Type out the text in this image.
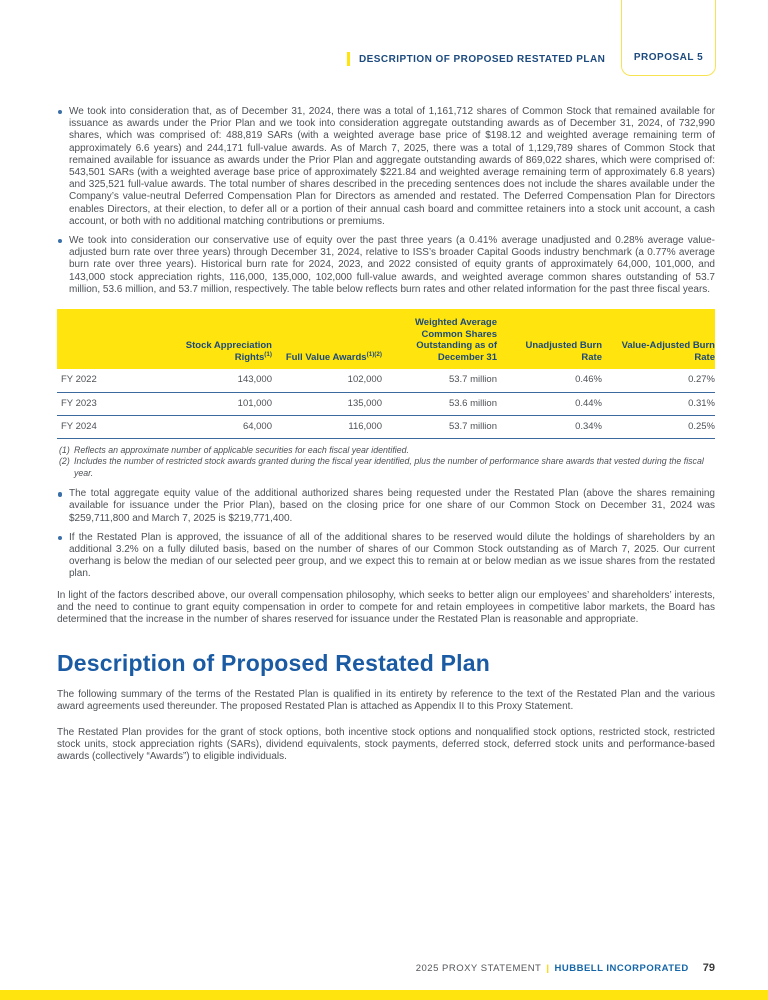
DESCRIPTION OF PROPOSED RESTATED PLAN	PROPOSAL 5
We took into consideration that, as of December 31, 2024, there was a total of 1,161,712 shares of Common Stock that remained available for issuance as awards under the Prior Plan and we took into consideration aggregate outstanding awards as of December 31, 2024, of 732,990 shares, which was comprised of: 488,819 SARs (with a weighted average base price of $198.12 and weighted average remaining term of approximately 6.6 years) and 244,171 full-value awards. As of March 7, 2025, there was a total of 1,129,789 shares of Common Stock that remained available for issuance as awards under the Prior Plan and aggregate outstanding awards of 869,022 shares, which were comprised of: 543,501 SARs (with a weighted average base price of approximately $221.84 and weighted average remaining term of approximately 6.8 years) and 325,521 full-value awards. The total number of shares described in the preceding sentences does not include the shares available under the Company’s value-neutral Deferred Compensation Plan for Directors as amended and restated. The Deferred Compensation Plan for Directors enables Directors, at their election, to defer all or a portion of their annual cash board and committee retainers into a stock unit account, a cash account, or both with no additional matching contributions or premiums.
We took into consideration our conservative use of equity over the past three years (a 0.41% average unadjusted and 0.28% average value-adjusted burn rate over three years) through December 31, 2024, relative to ISS’s broader Capital Goods industry benchmark (a 0.77% average burn rate over three years). Historical burn rate for 2024, 2023, and 2022 consisted of equity grants of approximately 64,000, 101,000, and 143,000 stock appreciation rights, 116,000, 135,000, 102,000 full-value awards, and weighted average common shares outstanding of 53.7 million, 53.6 million, and 53.7 million, respectively. The table below reflects burn rates and other related information for the past three fiscal years.
	Stock Appreciation Rights$^{(1)}$	Full Value Awards$^{(1)(2)}$	Weighted Average Common Shares Outstanding as of December 31	Unadjusted Burn Rate	Value-Adjusted Burn Rate
FY 2022	143,000	102,000	53.7 million	0.46%	0.27%
FY 2023	101,000	135,000	53.6 million	0.44%	0.31%
FY 2024	64,000	116,000	53.7 million	0.34%	0.25%
(1) Reflects an approximate number of applicable securities for each fiscal year identified.
(2) Includes the number of restricted stock awards granted during the fiscal year identified, plus the number of performance share awards that vested during the fiscal year.
The total aggregate equity value of the additional authorized shares being requested under the Restated Plan (above the shares remaining available for issuance under the Prior Plan), based on the closing price for one share of our Common Stock on December 31, 2024 was $259,711,800 and March 7, 2025 is $219,771,400.
If the Restated Plan is approved, the issuance of all of the additional shares to be reserved would dilute the holdings of shareholders by an additional 3.2% on a fully diluted basis, based on the number of shares of our Common Stock outstanding as of March 7, 2025. Our current overhang is below the median of our selected peer group, and we expect this to remain at or below median as we issue shares from the restated plan.

In light of the factors described above, our overall compensation philosophy, which seeks to better align our employees’ and shareholders’ interests, and the need to continue to grant equity compensation in order to compete for and retain employees in competitive labor markets, the Board has determined that the increase in the number of shares reserved for issuance under the Restated Plan is reasonable and appropriate.

Description of Proposed Restated Plan

The following summary of the terms of the Restated Plan is qualified in its entirety by reference to the text of the Restated Plan and the various award agreements used thereunder. The proposed Restated Plan is attached as Appendix II to this Proxy Statement.

The Restated Plan provides for the grant of stock options, both incentive stock options and nonqualified stock options, restricted stock, restricted stock units, stock appreciation rights (SARs), dividend equivalents, stock payments, deferred stock, deferred stock units and performance-based awards (collectively “Awards”) to eligible individuals.

2025 PROXY STATEMENT | HUBBELL INCORPORATED 79
